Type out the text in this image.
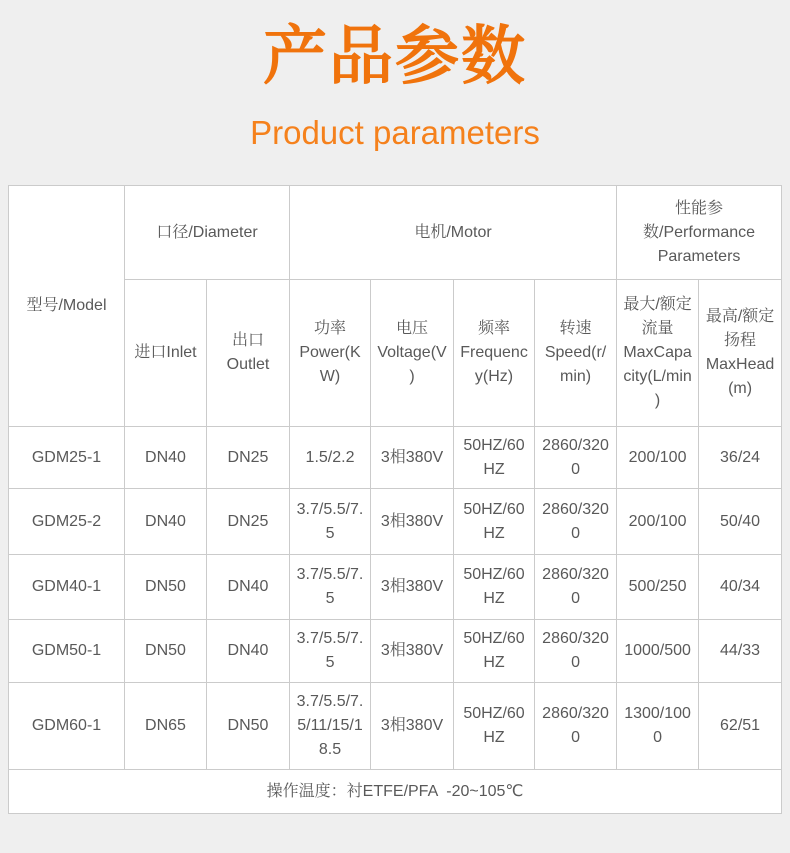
产品参数
Product parameters
型号/Model	口径/Diameter		电机/Motor				性能参数/Performance Parameters	
	进口Inlet	出口Outlet	功率 Power(KW)	电压 Voltage(V)	频率 Frequency(Hz)	转速 Speed(r/min)	最大/额定流量MaxCapacity(L/min)	最高/额定扬程MaxHead(m)
GDM25-1	DN40	DN25	1.5/2.2	3相380V	50HZ/60HZ	2860/3200	200/100	36/24
GDM25-2	DN40	DN25	3.7/5.5/7.5	3相380V	50HZ/60HZ	2860/3200	200/100	50/40
GDM40-1	DN50	DN40	3.7/5.5/7.5	3相380V	50HZ/60HZ	2860/3200	500/250	40/34
GDM50-1	DN50	DN40	3.7/5.5/7.5	3相380V	50HZ/60HZ	2860/3200	1000/500	44/33
GDM60-1	DN65	DN50	3.7/5.5/7.5/11/15/18.5	3相380V	50HZ/60HZ	2860/3200	1300/1000	62/51
操作温度：衬ETFE/PFA  -20~105℃								
